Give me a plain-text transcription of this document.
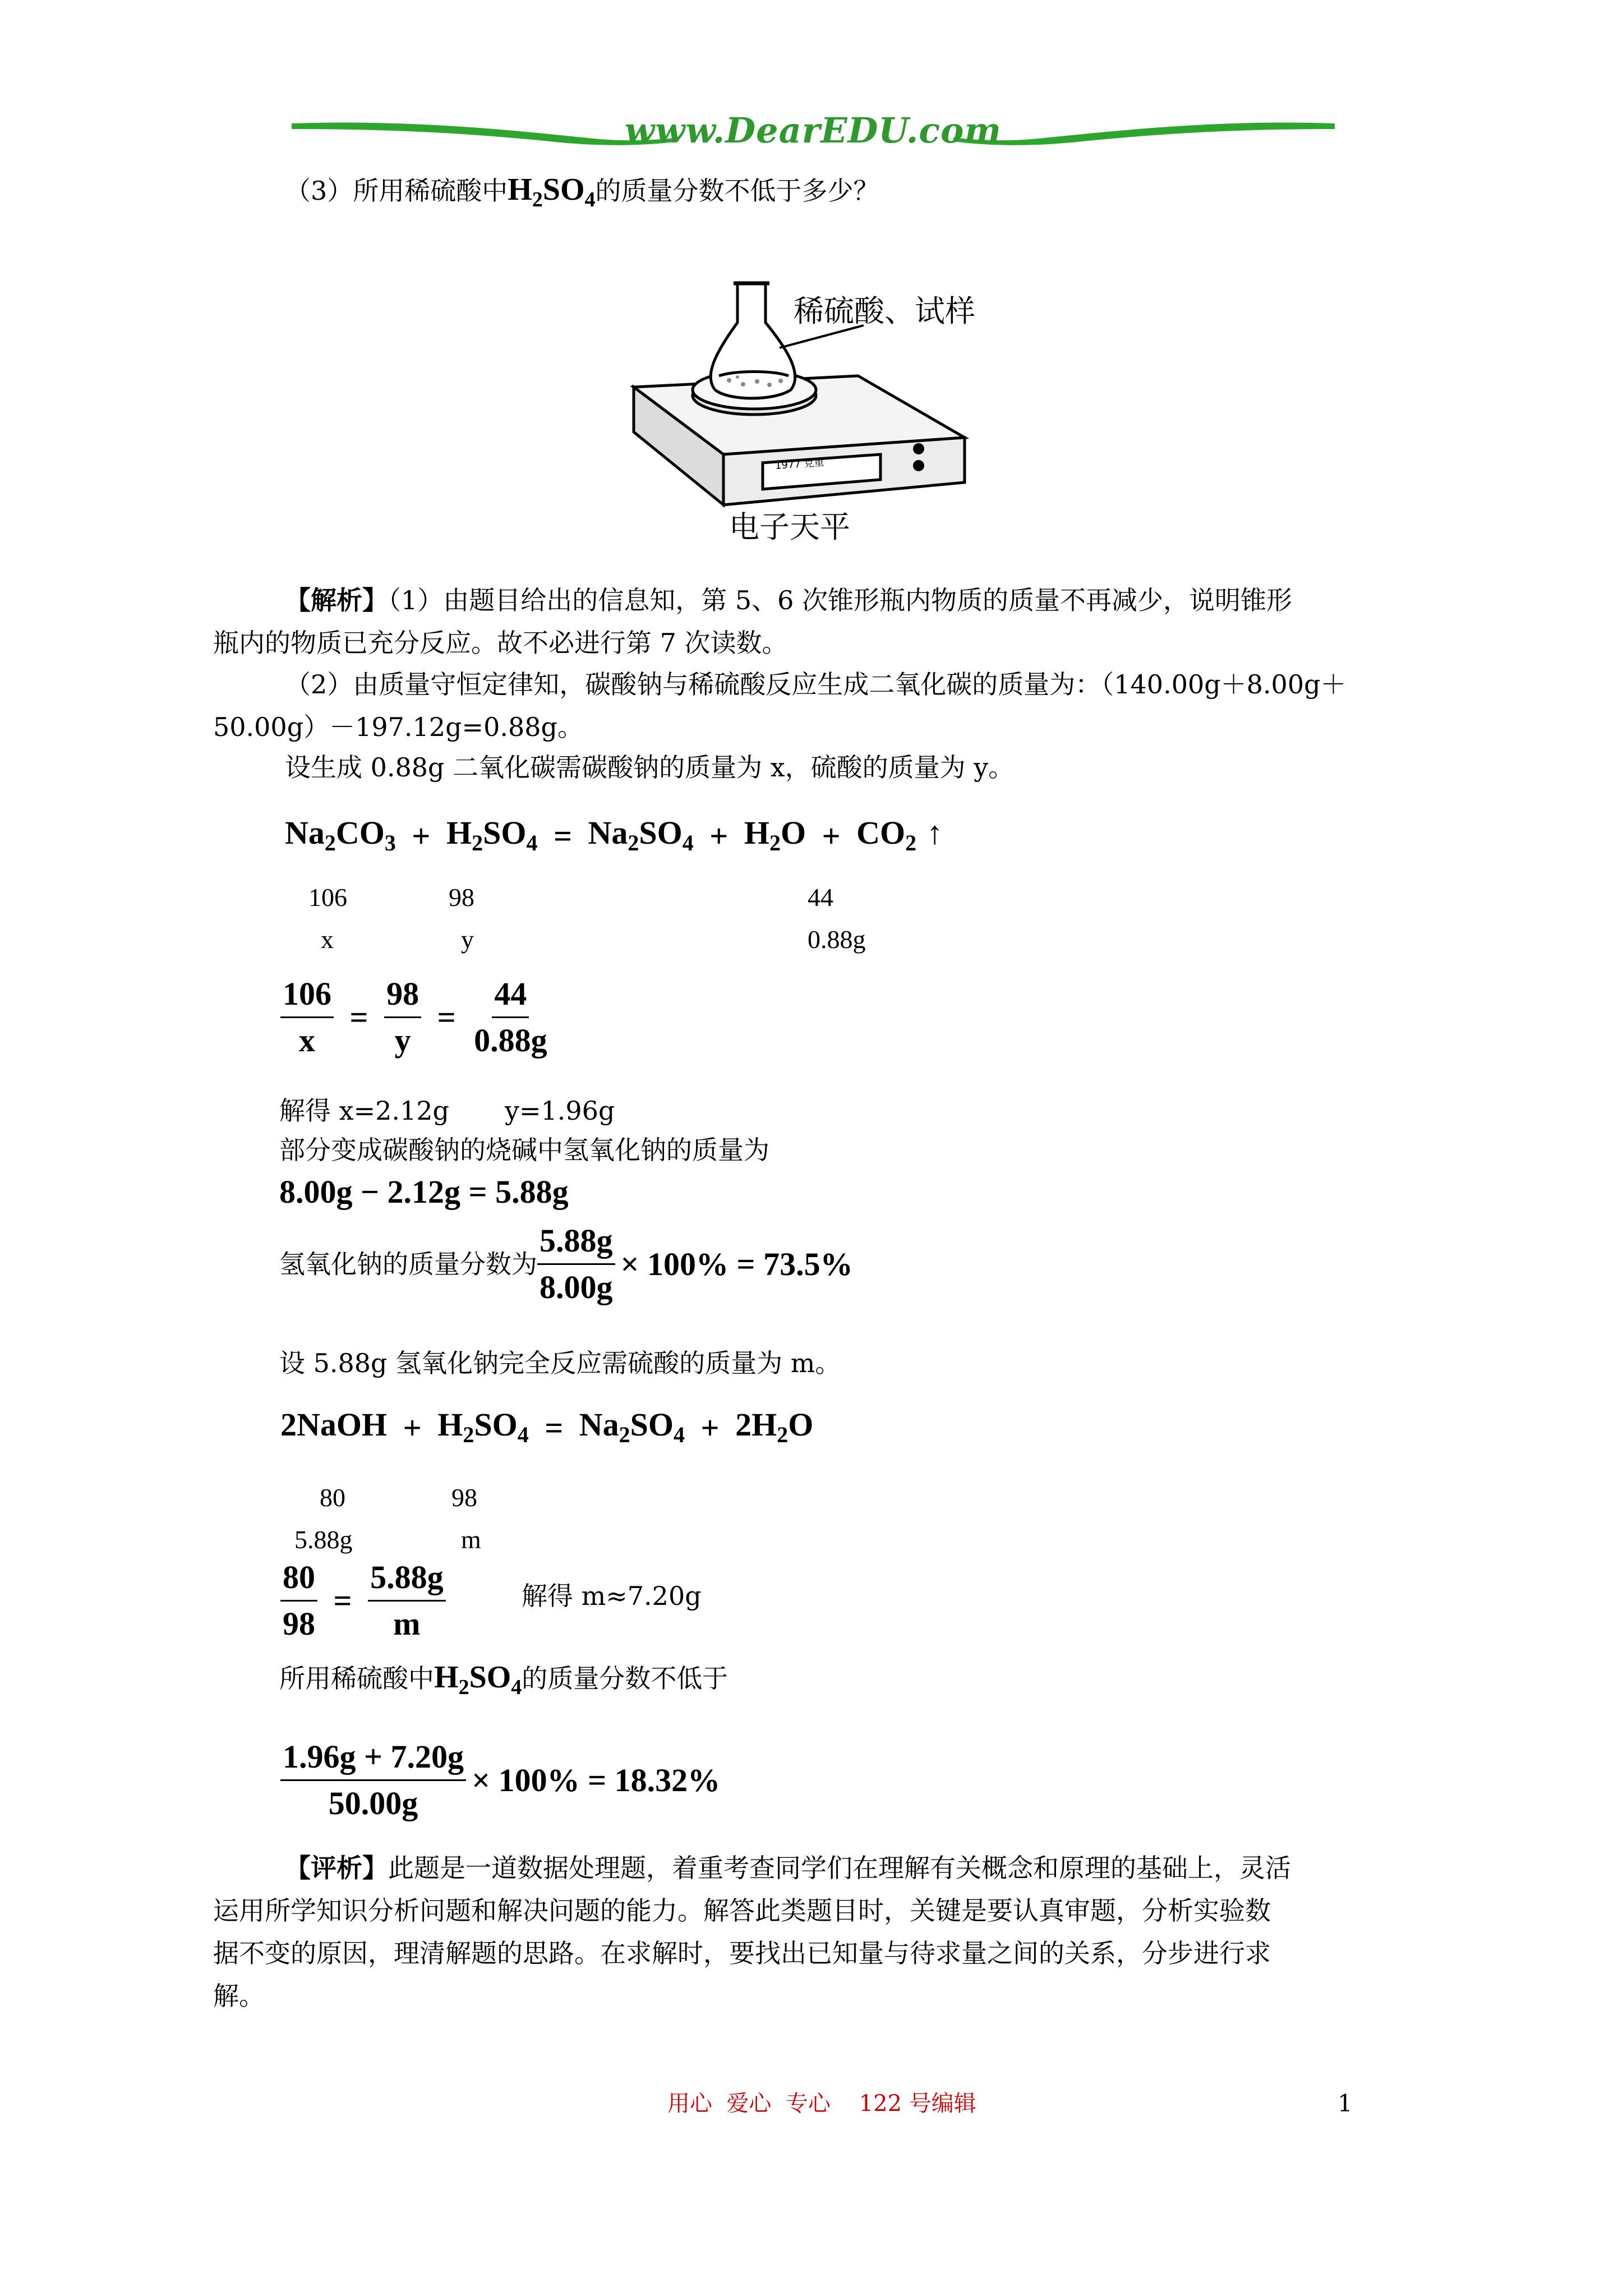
www.DearEDU.com
（3）所用稀硫酸中$H_2SO_4$的质量分数不低于多少？
1977 克重
稀硫酸、试样
电子天平
【解析】（1）由题目给出的信息知，第 5、6 次锥形瓶内物质的质量不再减少，说明锥形
瓶内的物质已充分反应。故不必进行第 7 次读数。
（2）由质量守恒定律知，碳酸钠与稀硫酸反应生成二氧化碳的质量为：（140.00g＋8.00g＋
50.00g）－197.12g=0.88g。
设生成 0.88g 二氧化碳需碳酸钠的质量为 x，硫酸的质量为 y。
$Na_2CO_3 + H_2SO_4 = Na_2SO_4 + H_2O + CO_2$ ↑
106	98	44
x	y	0.88g
$\frac{106}{x} = \frac{98}{y} = \frac{44}{0.88g}$
解得 x=2.12g y=1.96g
部分变成碳酸钠的烧碱中氢氧化钠的质量为
8.00g − 2.12g = 5.88g
氢氧化钠的质量分数为 $\frac{5.88g}{8.00g} \times 100\% = 73.5\%$
设 5.88g 氢氧化钠完全反应需硫酸的质量为 m。
2NaOH + $H_2SO_4 = Na_2SO_4 + 2H_2O$
80	98
5.88g	m
$\frac{80}{98} = \frac{5.88g}{m}$	解得 m≈7.20g
所用稀硫酸中$H_2SO_4$的质量分数不低于
$\frac{1.96g + 7.20g}{50.00g} \times 100\% = 18.32\%$
【评析】此题是一道数据处理题，着重考查同学们在理解有关概念和原理的基础上，灵活
运用所学知识分析问题和解决问题的能力。解答此类题目时，关键是要认真审题，分析实验数
据不变的原因，理清解题的思路。在求解时，要找出已知量与待求量之间的关系，分步进行求
解。
用心  爱心  专心    122 号编辑	1
